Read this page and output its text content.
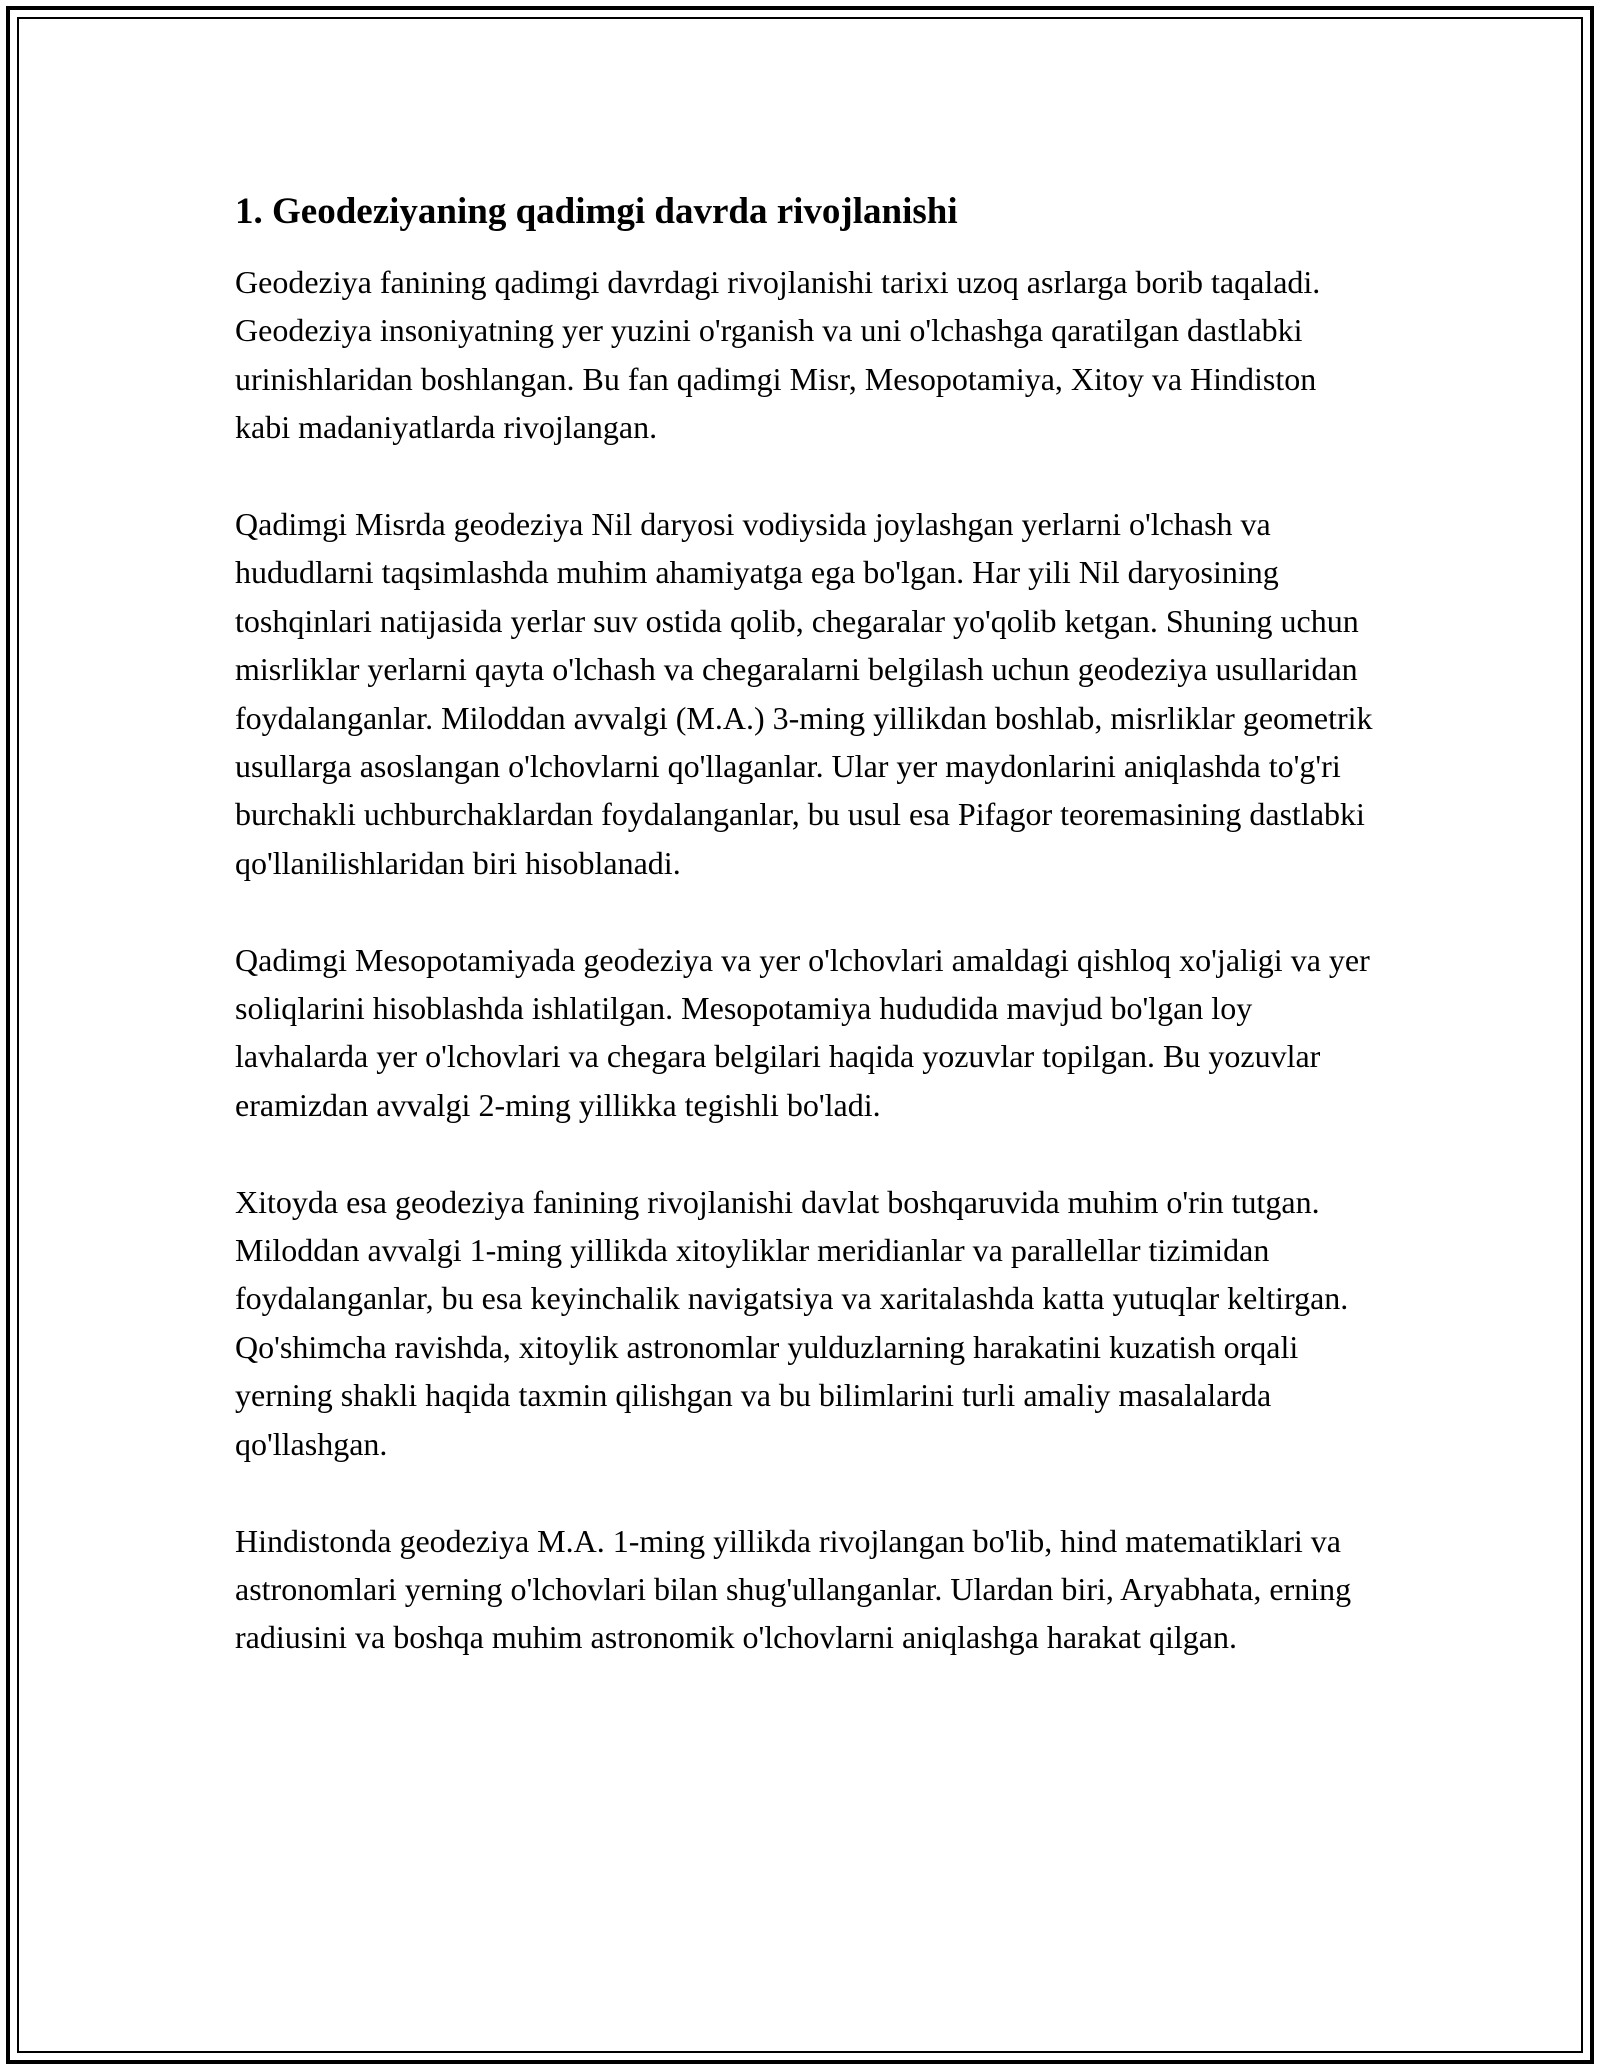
1. Geodeziyaning qadimgi davrda rivojlanishi

Geodeziya fanining qadimgi davrdagi rivojlanishi tarixi uzoq asrlarga borib taqaladi. Geodeziya insoniyatning yer yuzini o'rganish va uni o'lchashga qaratilgan dastlabki urinishlaridan boshlangan. Bu fan qadimgi Misr, Mesopotamiya, Xitoy va Hindiston kabi madaniyatlarda rivojlangan.

Qadimgi Misrda geodeziya Nil daryosi vodiysida joylashgan yerlarni o'lchash va hududlarni taqsimlashda muhim ahamiyatga ega bo'lgan. Har yili Nil daryosining toshqinlari natijasida yerlar suv ostida qolib, chegaralar yo'qolib ketgan. Shuning uchun misrliklar yerlarni qayta o'lchash va chegaralarni belgilash uchun geodeziya usullaridan foydalanganlar. Miloddan avvalgi (M.A.) 3-ming yillikdan boshlab, misrliklar geometrik usullarga asoslangan o'lchovlarni qo'llaganlar. Ular yer maydonlarini aniqlashda to'g'ri burchakli uchburchaklardan foydalanganlar, bu usul esa Pifagor teoremasining dastlabki qo'llanilishlaridan biri hisoblanadi.

Qadimgi Mesopotamiyada geodeziya va yer o'lchovlari amaldagi qishloq xo'jaligi va yer soliqlarini hisoblashda ishlatilgan. Mesopotamiya hududida mavjud bo'lgan loy lavhalarda yer o'lchovlari va chegara belgilari haqida yozuvlar topilgan. Bu yozuvlar eramizdan avvalgi 2-ming yillikka tegishli bo'ladi.

Xitoyda esa geodeziya fanining rivojlanishi davlat boshqaruvida muhim o'rin tutgan. Miloddan avvalgi 1-ming yillikda xitoyliklar meridianlar va parallellar tizimidan foydalanganlar, bu esa keyinchalik navigatsiya va xaritalashda katta yutuqlar keltirgan. Qo'shimcha ravishda, xitoylik astronomlar yulduzlarning harakatini kuzatish orqali yerning shakli haqida taxmin qilishgan va bu bilimlarini turli amaliy masalalarda qo'llashgan.

Hindistonda geodeziya M.A. 1-ming yillikda rivojlangan bo'lib, hind matematiklari va astronomlari yerning o'lchovlari bilan shug'ullanganlar. Ulardan biri, Aryabhata, erning radiusini va boshqa muhim astronomik o'lchovlarni aniqlashga harakat qilgan.
